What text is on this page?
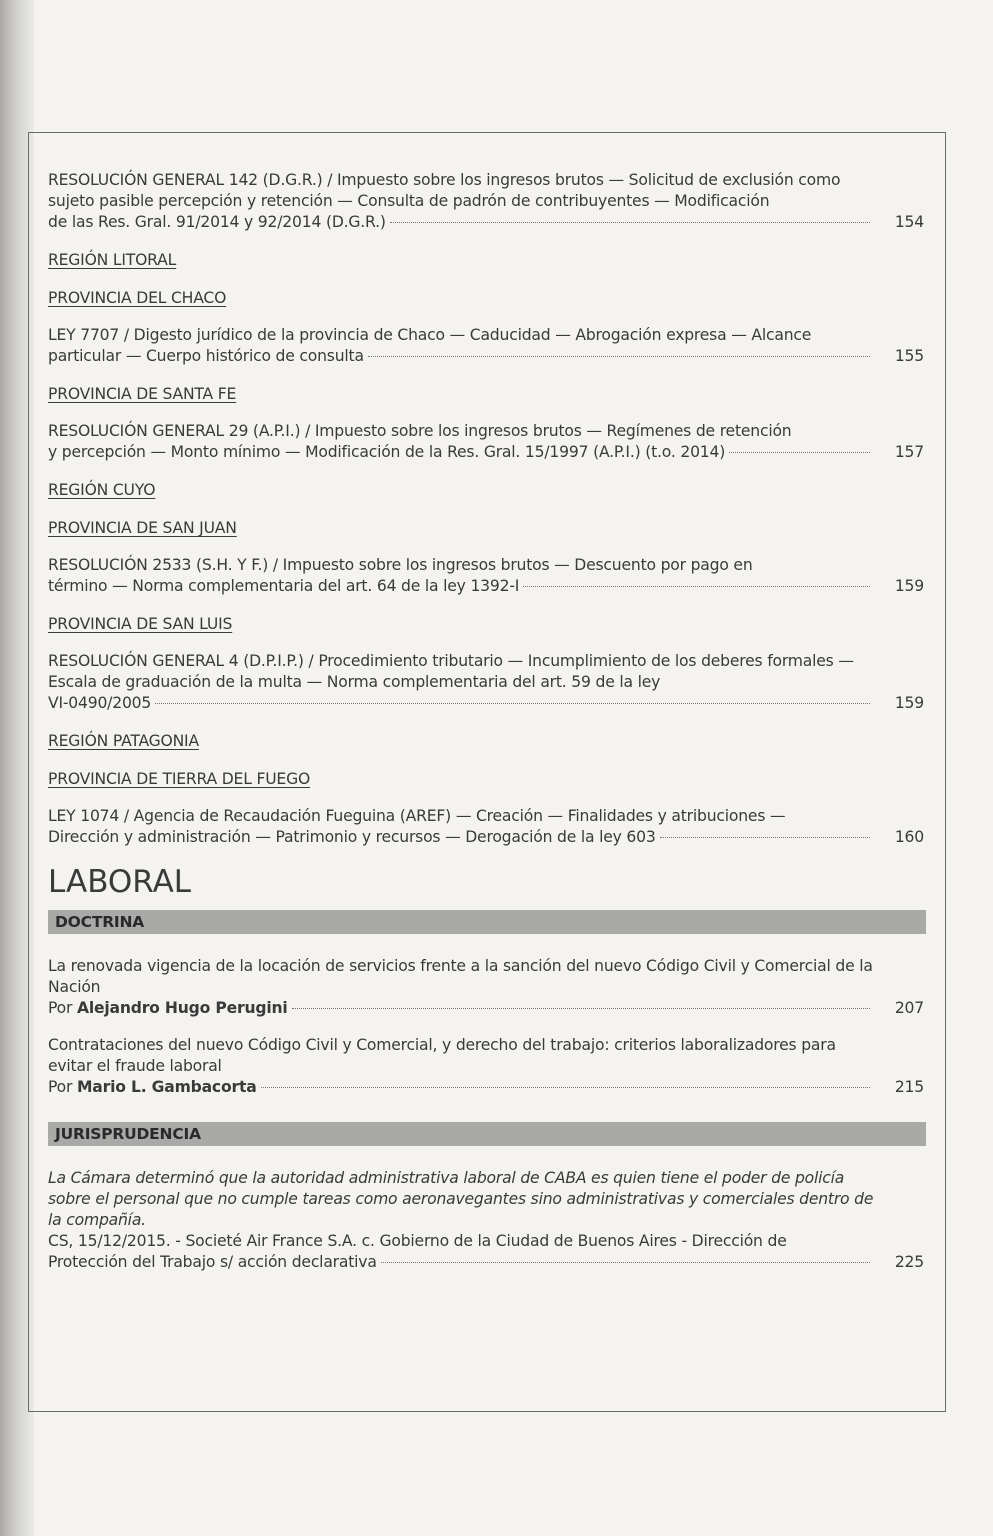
RESOLUCIÓN GENERAL 142 (D.G.R.) / Impuesto sobre los ingresos brutos — Solicitud de exclusión como sujeto pasible percepción y retención — Consulta de padrón de contribuyentes — Modificación
de las Res. Gral. 91/2014 y 92/2014 (D.G.R.)	154
REGIÓN LITORAL
PROVINCIA DEL CHACO
LEY 7707 / Digesto jurídico de la provincia de Chaco — Caducidad — Abrogación expresa — Alcance
particular — Cuerpo histórico de consulta	155
PROVINCIA DE SANTA FE
RESOLUCIÓN GENERAL 29 (A.P.I.) / Impuesto sobre los ingresos brutos — Regímenes de retención
y percepción — Monto mínimo — Modificación de la Res. Gral. 15/1997 (A.P.I.) (t.o. 2014)	157
REGIÓN CUYO
PROVINCIA DE SAN JUAN
RESOLUCIÓN 2533 (S.H. Y F.) / Impuesto sobre los ingresos brutos — Descuento por pago en
término — Norma complementaria del art. 64 de la ley 1392-I	159
PROVINCIA DE SAN LUIS
RESOLUCIÓN GENERAL 4 (D.P.I.P.) / Procedimiento tributario — Incumplimiento de los deberes formales — Escala de graduación de la multa — Norma complementaria del art. 59 de la ley
VI-0490/2005	159
REGIÓN PATAGONIA
PROVINCIA DE TIERRA DEL FUEGO
LEY 1074 / Agencia de Recaudación Fueguina (AREF) — Creación — Finalidades y atribuciones —
Dirección y administración — Patrimonio y recursos — Derogación de la ley 603	160
LABORAL
DOCTRINA
La renovada vigencia de la locación de servicios frente a la sanción del nuevo Código Civil y Comercial de la Nación
Por Alejandro Hugo Perugini	207
Contrataciones del nuevo Código Civil y Comercial, y derecho del trabajo: criterios laboralizadores para evitar el fraude laboral
Por Mario L. Gambacorta	215
JURISPRUDENCIA
La Cámara determinó que la autoridad administrativa laboral de CABA es quien tiene el poder de policía sobre el personal que no cumple tareas como aeronavegantes sino administrativas y comerciales dentro de la compañía.
CS, 15/12/2015. - Societé Air France S.A. c. Gobierno de la Ciudad de Buenos Aires - Dirección de
Protección del Trabajo s/ acción declarativa	225
